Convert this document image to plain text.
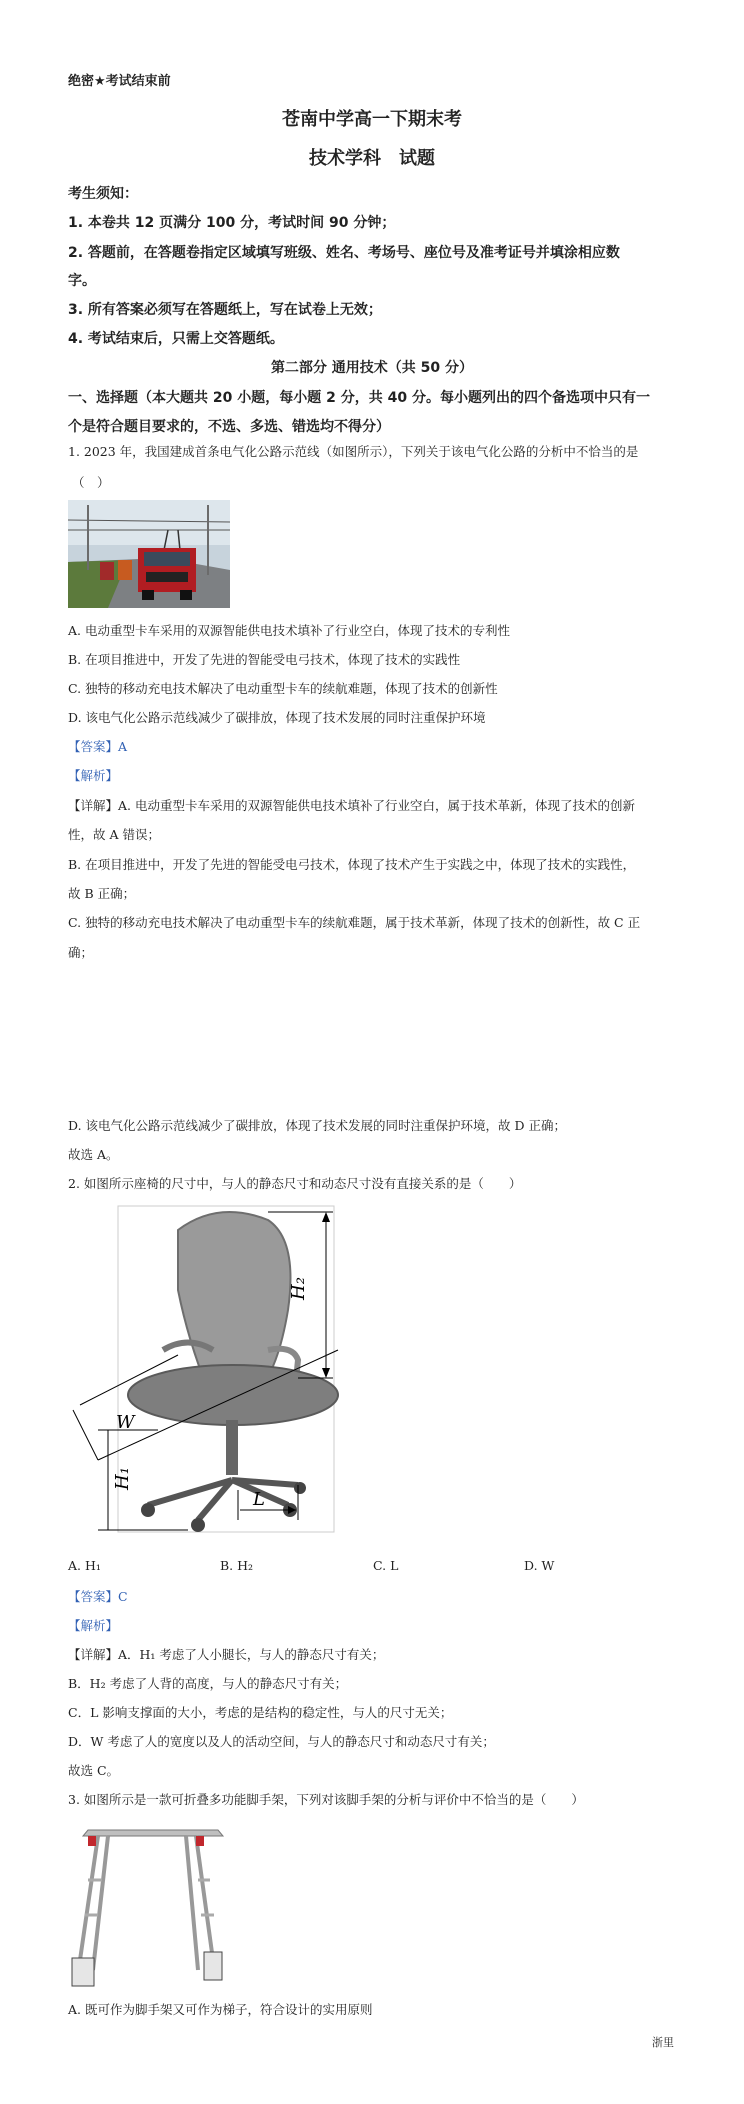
绝密★考试结束前
苍南中学高一下期末考
技术学科　试题
考生须知：
1. 本卷共 12 页满分 100 分，考试时间 90 分钟；
2. 答题前，在答题卷指定区域填写班级、姓名、考场号、座位号及准考证号并填涂相应数
字。
3. 所有答案必须写在答题纸上，写在试卷上无效；
4. 考试结束后，只需上交答题纸。
第二部分 通用技术（共 50 分）
一、选择题（本大题共 20 小题，每小题 2 分，共 40 分。每小题列出的四个备选项中只有一
个是符合题目要求的，不选、多选、错选均不得分）
1. 2023 年，我国建成首条电气化公路示范线（如图所示），下列关于该电气化公路的分析中不恰当的是
（　）
A. 电动重型卡车采用的双源智能供电技术填补了行业空白，体现了技术的专利性
B. 在项目推进中，开发了先进的智能受电弓技术，体现了技术的实践性
C. 独特的移动充电技术解决了电动重型卡车的续航难题，体现了技术的创新性
D. 该电气化公路示范线减少了碳排放，体现了技术发展的同时注重保护环境
【答案】A
【解析】
【详解】A. 电动重型卡车采用的双源智能供电技术填补了行业空白，属于技术革新，体现了技术的创新
性，故 A 错误；
B. 在项目推进中，开发了先进的智能受电弓技术，体现了技术产生于实践之中，体现了技术的实践性，
故 B 正确；
C. 独特的移动充电技术解决了电动重型卡车的续航难题，属于技术革新，体现了技术的创新性，故 C 正
确；
D. 该电气化公路示范线减少了碳排放，体现了技术发展的同时注重保护环境，故 D 正确；
故选 A。
2. 如图所示座椅的尺寸中，与人的静态尺寸和动态尺寸没有直接关系的是（　　）
H₂
W
H₁
L
A. H₁	B. H₂	C. L	D. W
【答案】C
【解析】
【详解】A．H₁ 考虑了人小腿长，与人的静态尺寸有关；
B．H₂ 考虑了人背的高度，与人的静态尺寸有关；
C．L 影响支撑面的大小，考虑的是结构的稳定性，与人的尺寸无关；
D．W 考虑了人的宽度以及人的活动空间，与人的静态尺寸和动态尺寸有关；
故选 C。
3. 如图所示是一款可折叠多功能脚手架，下列对该脚手架的分析与评价中不恰当的是（　　）
A. 既可作为脚手架又可作为梯子，符合设计的实用原则
浙里
